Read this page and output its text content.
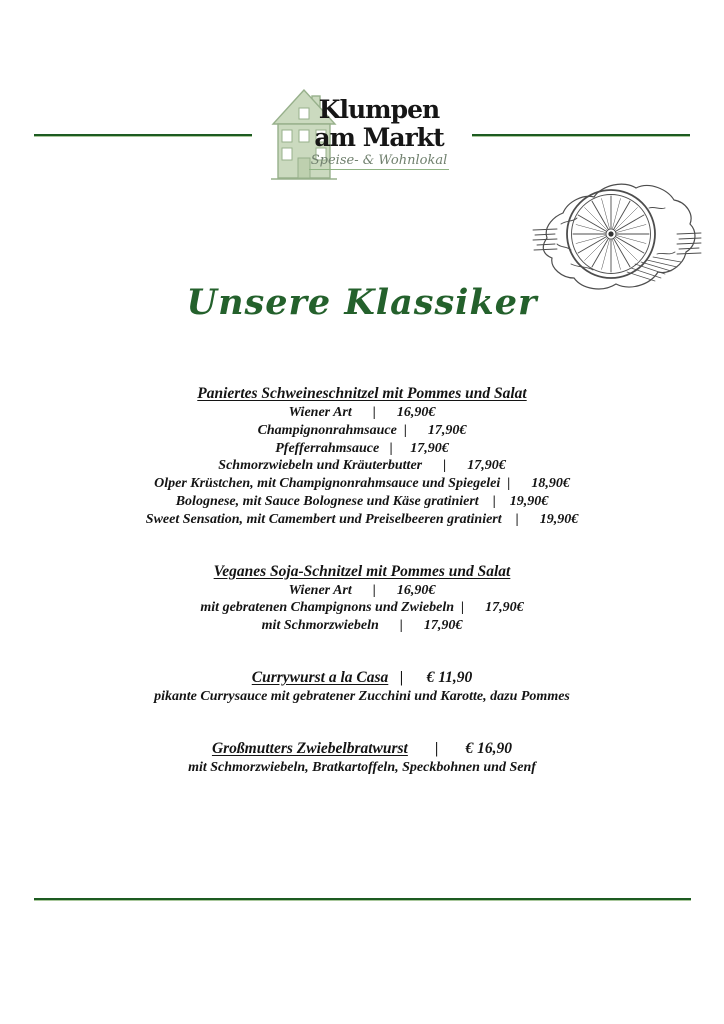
Klumpen
am Markt
Speise- & Wohnlokal
Unsere Klassiker
Paniertes Schweineschnitzel mit Pommes und Salat
Wiener Art      |      16,90€
Champignonrahmsauce  |      17,90€
Pfefferrahmsauce   |     17,90€
Schmorzwiebeln und Kräuterbutter      |      17,90€
Olper Krüstchen, mit Champignonrahmsauce und Spiegelei  |      18,90€
Bolognese, mit Sauce Bolognese und Käse gratiniert    |    19,90€
Sweet Sensation, mit Camembert und Preiselbeeren gratiniert    |      19,90€
Veganes Soja-Schnitzel mit Pommes und Salat
Wiener Art      |      16,90€
mit gebratenen Champignons und Zwiebeln  |      17,90€
mit Schmorzwiebeln      |      17,90€
Currywurst a la Casa   |      € 11,90
pikante Currysauce mit gebratener Zucchini und Karotte, dazu Pommes
Großmutters Zwiebelbratwurst       |       € 16,90
mit Schmorzwiebeln, Bratkartoffeln, Speckbohnen und Senf
